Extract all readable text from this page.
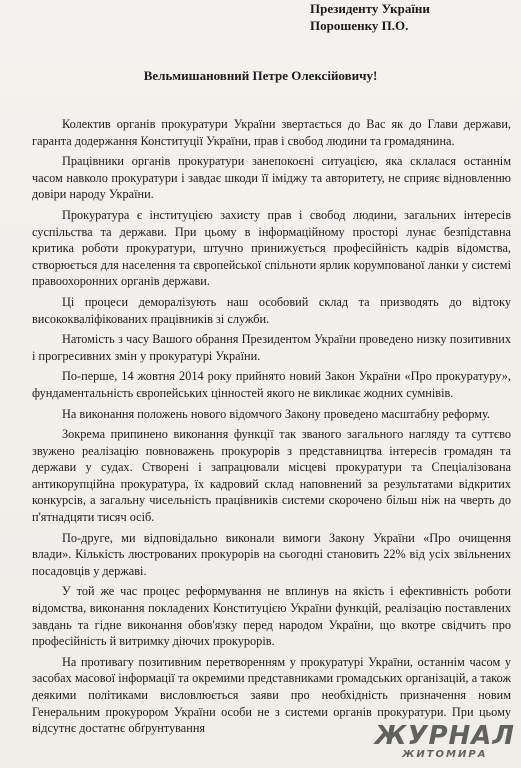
Президенту України
Порошенку П.О.
Вельмишановний Петре Олексійовичу!

Колектив органів прокуратури України звертається до Вас як до Глави держави, гаранта додержання Конституції України, прав і свобод людини та громадянина.

Працівники органів прокуратури занепокоєні ситуацією, яка склалася останнім часом навколо прокуратури і завдає шкоди її іміджу та авторитету, не сприяє відновленню довіри народу України.

Прокуратура є інституцією захисту прав і свобод людини, загальних інтересів суспільства та держави. При цьому в інформаційному просторі лунає безпідставна критика роботи прокуратури, штучно принижується професійність кадрів відомства, створюється для населення та європейської спільноти ярлик корумпованої ланки у системі правоохоронних органів держави.

Ці процеси деморалізують наш особовий склад та призводять до відтоку висококваліфікованих працівників зі служби.

Натомість з часу Вашого обрання Президентом України проведено низку позитивних і прогресивних змін у прокуратурі України.

По-перше, 14 жовтня 2014 року прийнято новий Закон України «Про прокуратуру», фундаментальність європейських цінностей якого не викликає жодних сумнівів.

На виконання положень нового відомчого Закону проведено масштабну реформу.

Зокрема припинено виконання функції так званого загального нагляду та суттєво звужено реалізацію повноважень прокурорів з представництва інтересів громадян та держави у судах. Створені і запрацювали місцеві прокуратури та Спеціалізована антикорупційна прокуратура, їх кадровий склад наповнений за результатами відкритих конкурсів, а загальну чисельність працівників системи скорочено більш ніж на чверть до п'ятнадцяти тисяч осіб.

По-друге, ми відповідально виконали вимоги Закону України «Про очищення влади». Кількість люстрованих прокурорів на сьогодні становить 22% від усіх звільнених посадовців у державі.

У той же час процес реформування не вплинув на якість і ефективність роботи відомства, виконання покладених Конституцією України функцій, реалізацію поставлених завдань та гідне виконання обов'язку перед народом України, що вкотре свідчить про професійність й витримку діючих прокурорів.

На противагу позитивним перетворенням у прокуратурі України, останнім часом у засобах масової інформації та окремими представниками громадських організацій, а також деякими політиками висловлюється заяви про необхідність призначення новим Генеральним прокурором України особи не з системи органів прокуратури. При цьому відсутнє достатнє обґрунтування	ЖУРНАЛ
ЖИТОМИРА
